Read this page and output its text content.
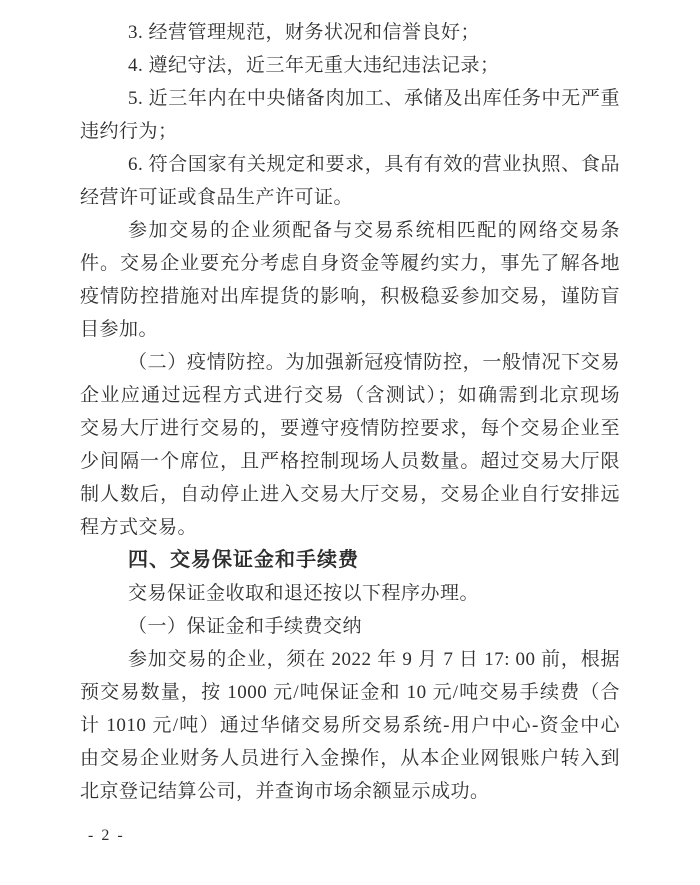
3. 经营管理规范，财务状况和信誉良好；
4. 遵纪守法，近三年无重大违纪违法记录；
5. 近三年内在中央储备肉加工、承储及出库任务中无严重
违约行为；
6. 符合国家有关规定和要求，具有有效的营业执照、食品
经营许可证或食品生产许可证。
参加交易的企业须配备与交易系统相匹配的网络交易条
件。交易企业要充分考虑自身资金等履约实力，事先了解各地
疫情防控措施对出库提货的影响，积极稳妥参加交易，谨防盲
目参加。
（二）疫情防控。为加强新冠疫情防控，一般情况下交易
企业应通过远程方式进行交易（含测试）；如确需到北京现场
交易大厅进行交易的，要遵守疫情防控要求，每个交易企业至
少间隔一个席位，且严格控制现场人员数量。超过交易大厅限
制人数后，自动停止进入交易大厅交易，交易企业自行安排远
程方式交易。
四、交易保证金和手续费
交易保证金收取和退还按以下程序办理。
（一）保证金和手续费交纳
参加交易的企业，须在 2022 年 9 月 7 日 17: 00 前，根据
预交易数量，按 1000 元/吨保证金和 10 元/吨交易手续费（合
计 1010 元/吨）通过华储交易所交易系统-用户中心-资金中心
由交易企业财务人员进行入金操作，从本企业网银账户转入到
北京登记结算公司，并查询市场余额显示成功。
- 2 -
